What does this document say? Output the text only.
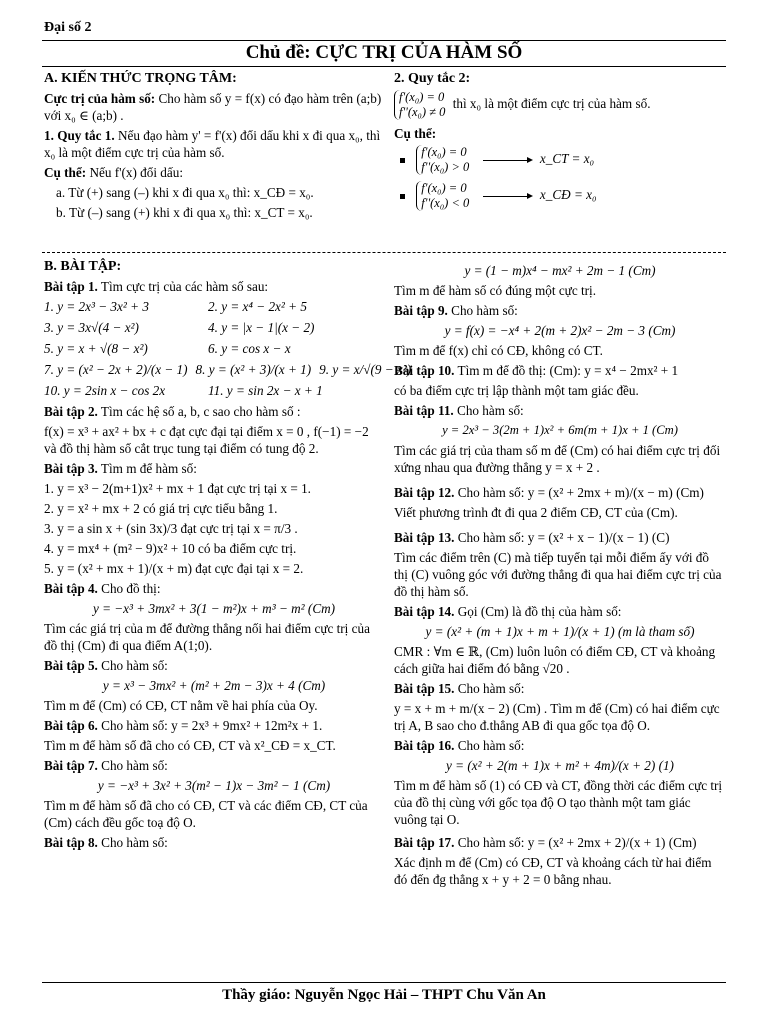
Đại số 2
Chủ đề: CỰC TRỊ CỦA HÀM SỐ

A. KIẾN THỨC TRỌNG TÂM:

Cực trị của hàm số: Cho hàm số y = f(x) có đạo hàm trên (a;b) với x₀ ∈ (a;b) .

1. Quy tắc 1. Nếu đạo hàm y' = f'(x) đổi dấu khi x đi qua x₀, thì x₀ là một điểm cực trị của hàm số.

Cụ thể: Nếu f'(x) đổi dấu:

a. Từ (+) sang (–) khi x đi qua x₀ thì: x_CĐ = x₀.

b. Từ (–) sang (+) khi x đi qua x₀ thì: x_CT = x₀.

2. Quy tắc 2:

f'(x₀) = 0
f''(x₀) ≠ 0 thì x₀ là một điểm cực trị của hàm số.

Cụ thể:

f'(x₀) = 0
f''(x₀) > 0  x_CT = x₀

f'(x₀) = 0
f''(x₀) < 0  x_CĐ = x₀

B. BÀI TẬP:

Bài tập 1. Tìm cực trị của các hàm số sau:

1. y = 2x³ − 3x² + 3	2. y = x⁴ − 2x² + 5
3. y = 3x√(4 − x²)	4. y = |x − 1|(x − 2)
5. y = x + √(8 − x²)	6. y = cos x − x
7. y = (x² − 2x + 2)/(x − 1) 8. y = (x² + 3)/(x + 1) 9. y = x/√(9 − x²)
10. y = 2sin x − cos 2x	11. y = sin 2x − x + 1

Bài tập 2. Tìm các hệ số a, b, c sao cho hàm số :

f(x) = x³ + ax² + bx + c đạt cực đại tại điểm x = 0 , f(−1) = −2 và đồ thị hàm số cắt trục tung tại điểm có tung độ 2.

Bài tập 3. Tìm m để hàm số:

1. y = x³ − 2(m+1)x² + mx + 1 đạt cực trị tại x = 1.

2. y = x² + mx + 2 có giá trị cực tiểu bằng 1.

3. y = a sin x + (sin 3x)/3 đạt cực trị tại x = π/3 .

4. y = mx⁴ + (m² − 9)x² + 10 có ba điểm cực trị.

5. y = (x² + mx + 1)/(x + m) đạt cực đại tại x = 2.

Bài tập 4. Cho đồ thị:

y = −x³ + 3mx² + 3(1 − m²)x + m³ − m² (Cm)

Tìm các giá trị của m để đường thẳng nối hai điểm cực trị của đồ thị (Cm) đi qua điểm A(1;0).

Bài tập 5. Cho hàm số:

y = x³ − 3mx² + (m² + 2m − 3)x + 4 (Cm)

Tìm m để (Cm) có CĐ, CT nằm về hai phía của Oy.

Bài tập 6. Cho hàm số: y = 2x³ + 9mx² + 12m²x + 1.

Tìm m để hàm số đã cho có CĐ, CT và x²_CĐ = x_CT.

Bài tập 7. Cho hàm số:

y = −x³ + 3x² + 3(m² − 1)x − 3m² − 1 (Cm)

Tìm m để hàm số đã cho có CĐ, CT và các điểm CĐ, CT của (Cm) cách đều gốc toạ độ O.

Bài tập 8. Cho hàm số:

y = (1 − m)x⁴ − mx² + 2m − 1 (Cm)

Tìm m để hàm số có đúng một cực trị.

Bài tập 9. Cho hàm số:

y = f(x) = −x⁴ + 2(m + 2)x² − 2m − 3 (Cm)

Tìm m để f(x) chỉ có CĐ, không có CT.

Bài tập 10. Tìm m để đồ thị: (Cm): y = x⁴ − 2mx² + 1

có ba điểm cực trị lập thành một tam giác đều.

Bài tập 11. Cho hàm số:

y = 2x³ − 3(2m + 1)x² + 6m(m + 1)x + 1 (Cm)

Tìm các giá trị của tham số m để (Cm) có hai điểm cực trị đối xứng nhau qua đường thẳng y = x + 2 .

Bài tập 12. Cho hàm số: y = (x² + 2mx + m)/(x − m) (Cm)

Viết phương trình đt đi qua 2 điểm CĐ, CT của (Cm).

Bài tập 13. Cho hàm số: y = (x² + x − 1)/(x − 1) (C)

Tìm các điểm trên (C) mà tiếp tuyến tại mỗi điểm ấy với đồ thị (C) vuông góc với đường thẳng đi qua hai điểm cực trị của đồ thị hàm số.

Bài tập 14. Gọi (Cm) là đồ thị của hàm số:

y = (x² + (m + 1)x + m + 1)/(x + 1) (m là tham số)

CMR : ∀m ∈ ℝ, (Cm) luôn luôn có điểm CĐ, CT và khoảng cách giữa hai điểm đó bằng √20 .

Bài tập 15. Cho hàm số:

y = x + m + m/(x − 2) (Cm) . Tìm m để (Cm) có hai điểm cực trị A, B sao cho đ.thẳng AB đi qua gốc tọa độ O.

Bài tập 16. Cho hàm số:

y = (x² + 2(m + 1)x + m² + 4m)/(x + 2) (1)

Tìm m để hàm số (1) có CĐ và CT, đồng thời các điểm cực trị của đồ thị cùng với gốc tọa độ O tạo thành một tam giác vuông tại O.

Bài tập 17. Cho hàm số: y = (x² + 2mx + 2)/(x + 1) (Cm)

Xác định m để (Cm) có CĐ, CT và khoảng cách từ hai điểm đó đến đg thẳng x + y + 2 = 0 bằng nhau.

Thầy giáo: Nguyễn Ngọc Hải – THPT Chu Văn An
